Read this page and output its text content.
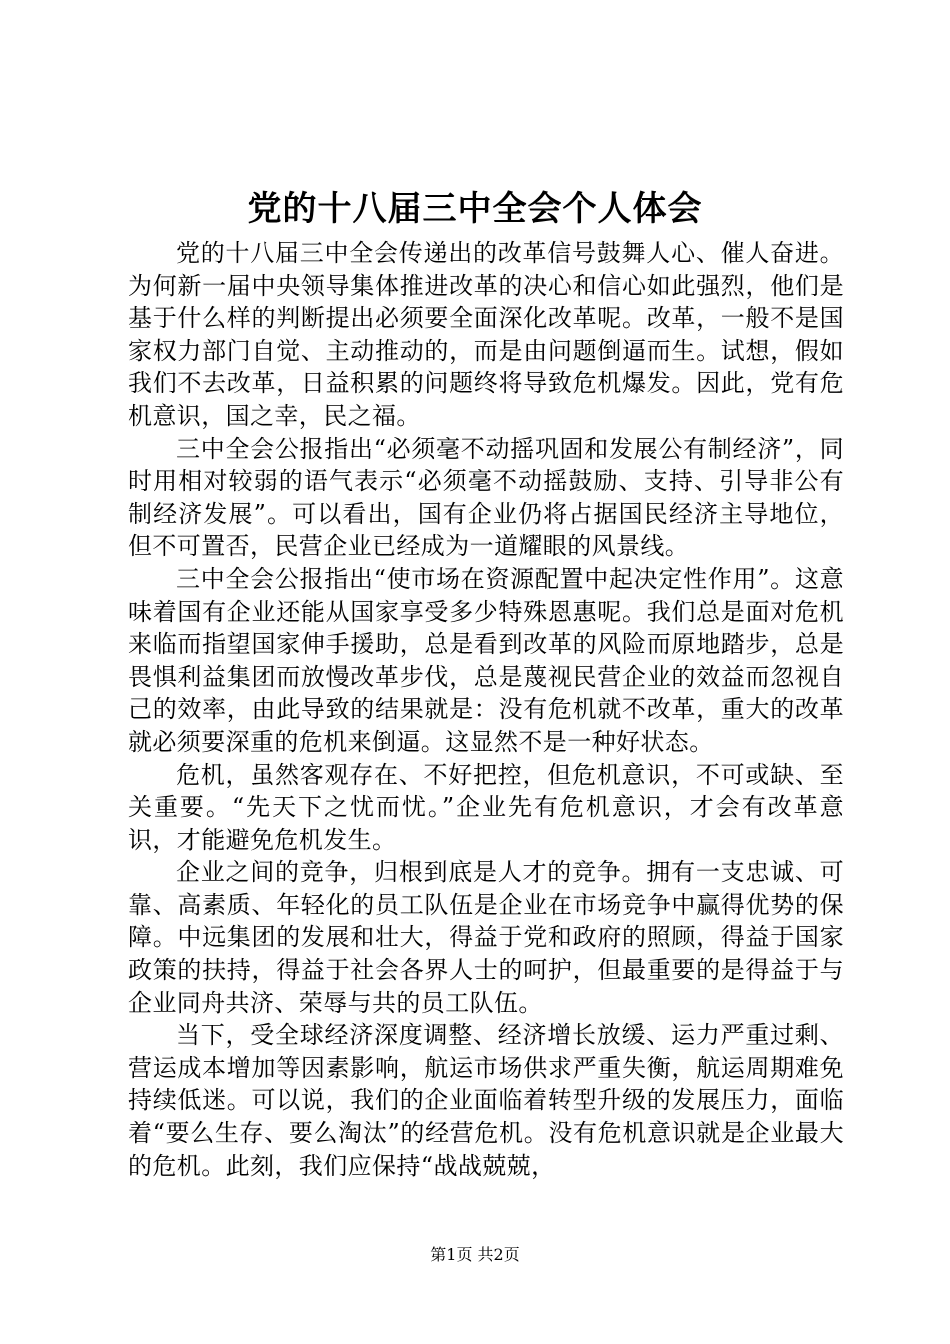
党的十八届三中全会个人体会

党的十八届三中全会传递出的改革信号鼓舞人心、催人奋进。为何新一届中央领导集体推进改革的决心和信心如此强烈，他们是基于什么样的判断提出必须要全面深化改革呢。改革，一般不是国家权力部门自觉、主动推动的，而是由问题倒逼而生。试想，假如我们不去改革，日益积累的问题终将导致危机爆发。因此，党有危机意识，国之幸，民之福。

三中全会公报指出“必须毫不动摇巩固和发展公有制经济”，同时用相对较弱的语气表示“必须毫不动摇鼓励、支持、引导非公有制经济发展”。可以看出，国有企业仍将占据国民经济主导地位，但不可置否，民营企业已经成为一道耀眼的风景线。

三中全会公报指出“使市场在资源配置中起决定性作用”。这意味着国有企业还能从国家享受多少特殊恩惠呢。我们总是面对危机来临而指望国家伸手援助，总是看到改革的风险而原地踏步，总是畏惧利益集团而放慢改革步伐，总是蔑视民营企业的效益而忽视自己的效率，由此导致的结果就是：没有危机就不改革，重大的改革就必须要深重的危机来倒逼。这显然不是一种好状态。

危机，虽然客观存在、不好把控，但危机意识，不可或缺、至关重要。“先天下之忧而忧。”企业先有危机意识，才会有改革意识，才能避免危机发生。

企业之间的竞争，归根到底是人才的竞争。拥有一支忠诚、可靠、高素质、年轻化的员工队伍是企业在市场竞争中赢得优势的保障。中远集团的发展和壮大，得益于党和政府的照顾，得益于国家政策的扶持，得益于社会各界人士的呵护，但最重要的是得益于与企业同舟共济、荣辱与共的员工队伍。

当下，受全球经济深度调整、经济增长放缓、运力严重过剩、营运成本增加等因素影响，航运市场供求严重失衡，航运周期难免持续低迷。可以说，我们的企业面临着转型升级的发展压力，面临着“要么生存、要么淘汰”的经营危机。没有危机意识就是企业最大的危机。此刻，我们应保持“战战兢兢，

第1页 共2页
